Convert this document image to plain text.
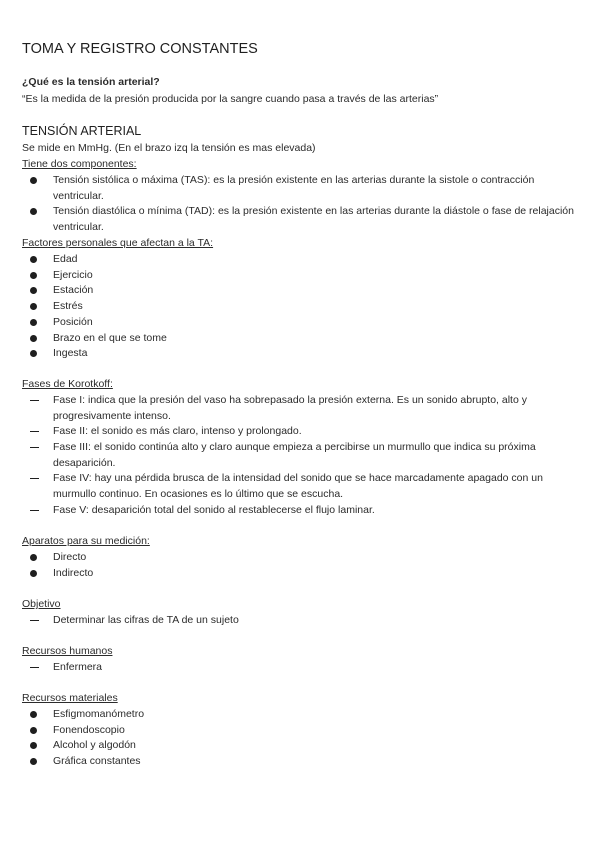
TOMA Y REGISTRO CONSTANTES
¿Qué es la tensión arterial?
“Es la medida de la presión producida por la sangre cuando pasa a través de las arterias”
TENSIÓN ARTERIAL
Se mide en MmHg. (En el brazo izq la tensión es mas elevada)
Tiene dos componentes:
Tensión sistólica o máxima (TAS): es la presión existente en las arterias durante la sistole o contracción ventricular.
Tensión diastólica o mínima (TAD): es la presión existente en las arterias durante la diástole o fase de relajación ventricular.
Factores personales que afectan a la TA:
Edad
Ejercicio
Estación
Estrés
Posición
Brazo en el que se tome
Ingesta
Fases de Korotkoff:
Fase I: indica que la presión del vaso ha sobrepasado la presión externa. Es un sonido abrupto, alto y progresivamente intenso.
Fase II: el sonido es más claro, intenso y prolongado.
Fase III: el sonido continúa alto y claro aunque empieza a percibirse un murmullo que indica su próxima desaparición.
Fase IV: hay una pérdida brusca de la intensidad del sonido que se hace marcadamente apagado con un murmullo continuo. En ocasiones es lo último que se escucha.
Fase V: desaparición total del sonido al restablecerse el flujo laminar.
Aparatos para su medición:
Directo
Indirecto
Objetivo
Determinar las cifras de TA de un sujeto
Recursos humanos
Enfermera
Recursos materiales
Esfigmomanómetro
Fonendoscopio
Alcohol y algodón
Gráfica constantes
